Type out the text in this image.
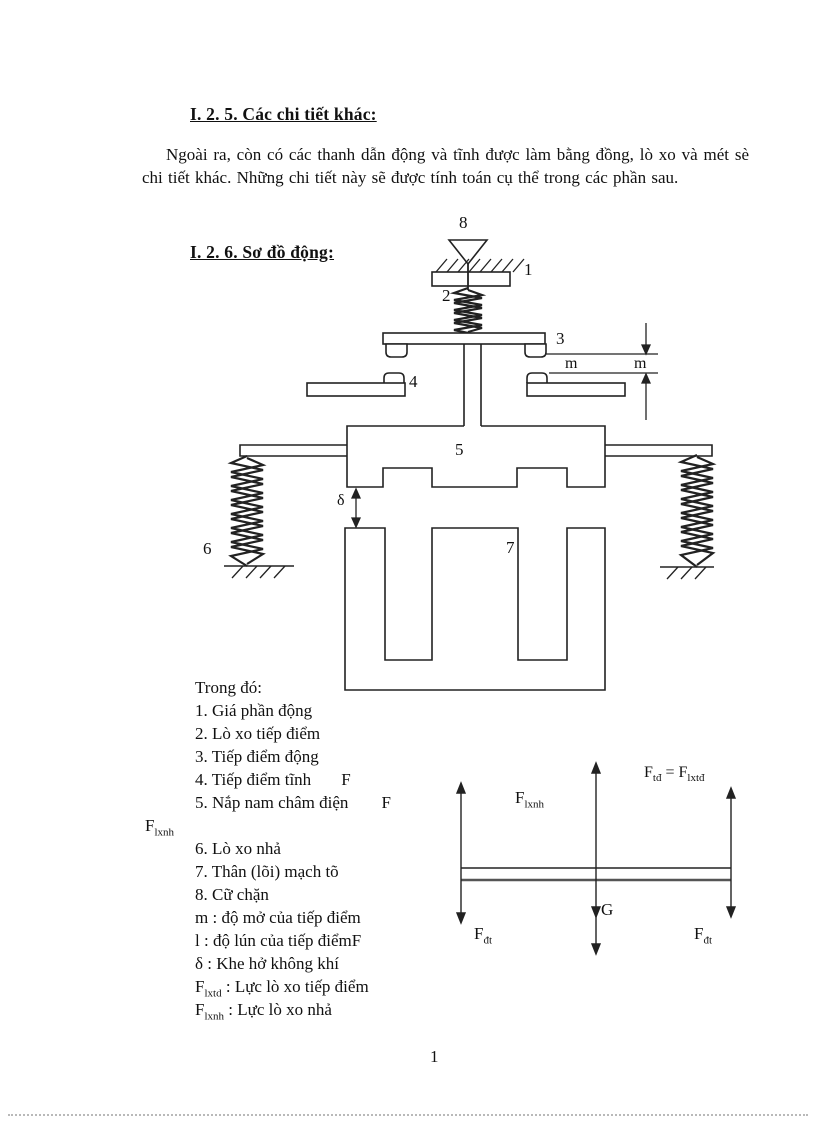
I. 2. 5. Các chi tiết khác:
Ngoài ra, còn có các thanh dẫn động và tĩnh được làm bằng đồng, lò xo và mét sè chi tiết khác. Những chi tiết này sẽ được tính toán cụ thể trong các phần sau.
I. 2. 6. Sơ đồ động:
8
1
2
3
4
5
6	7
m	m
δ
Trong đó:
1. Giá phần động
2. Lò xo tiếp điểm
3. Tiếp điểm động
4. Tiếp điểm tĩnh F
5. Nắp nam châm điện F
$F_{lxnh}$
6. Lò xo nhả
7. Thân (lõi) mạch tõ
8. Cữ chặn
m : độ mở của tiếp điểm
l : độ lún của tiếp điểmF
δ : Khe hở không khí
$F_{lxtd}$ : Lực lò xo tiếp điểm
$F_{lxnh}$ : Lực lò xo nhả
$F_{lxnh}$
$F_{tđ} = F_{lxtđ}$
G
$F_{đt}$	$F_{đt}$
1
